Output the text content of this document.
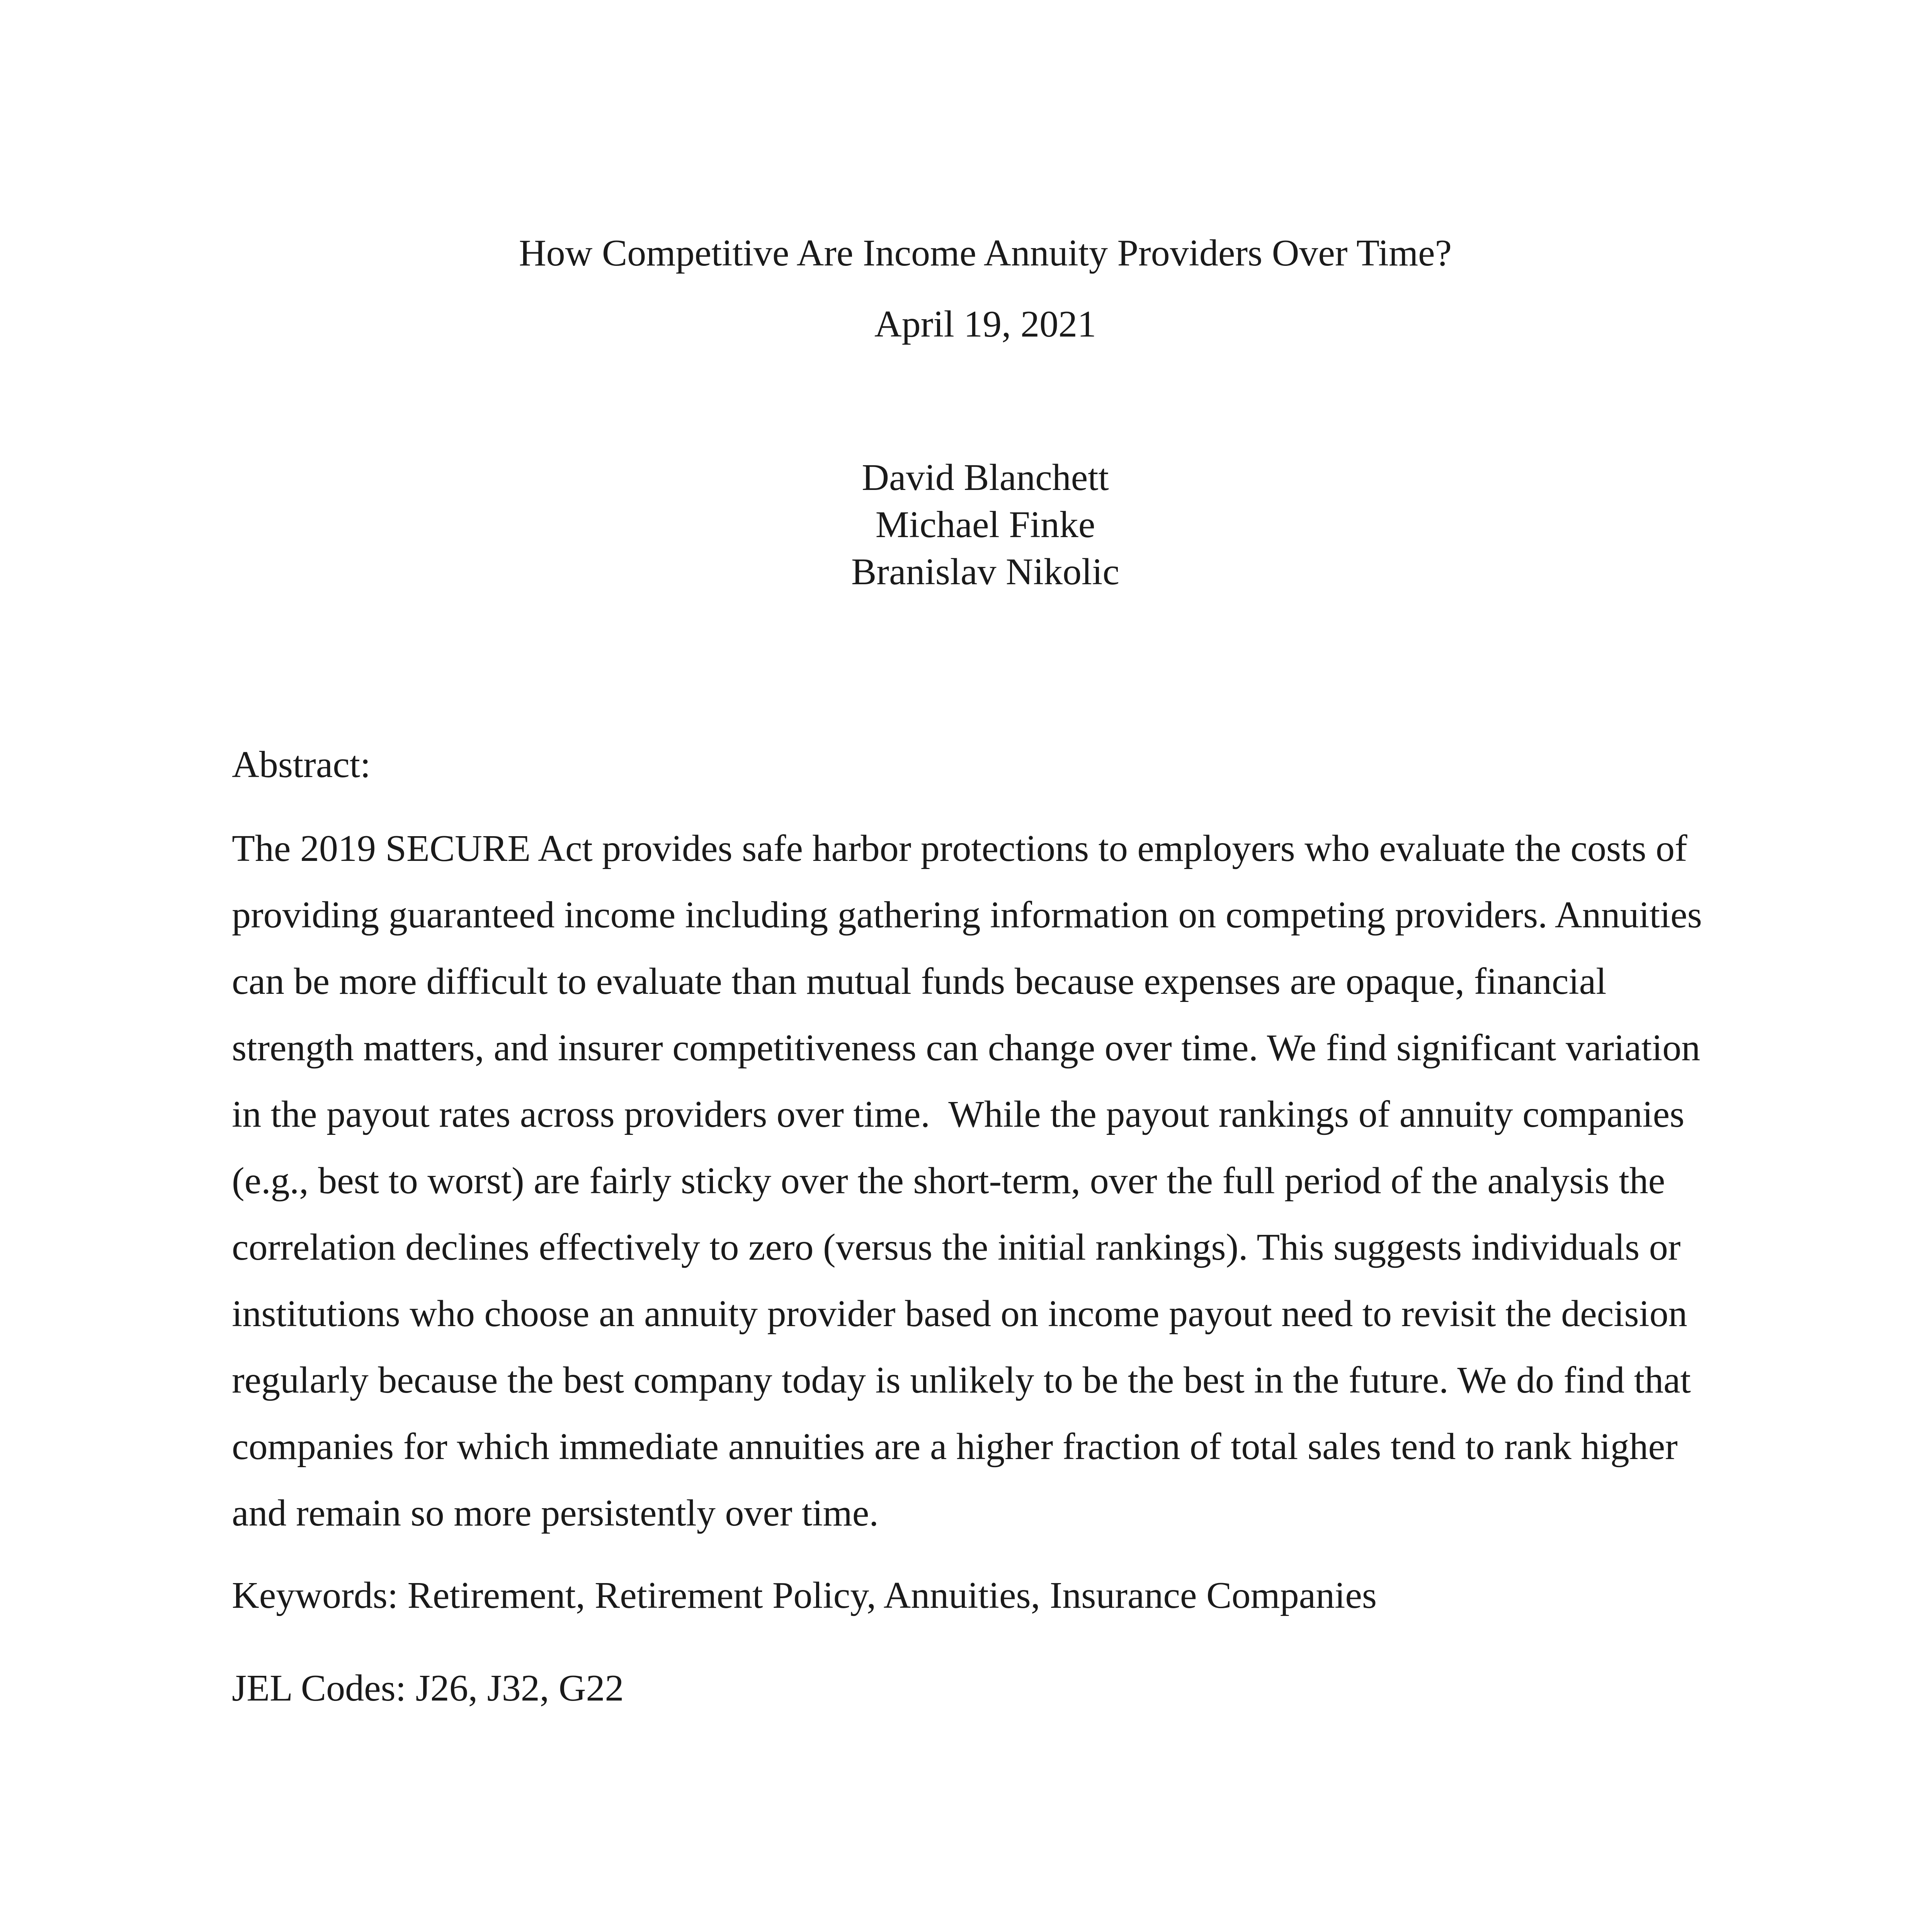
How Competitive Are Income Annuity Providers Over Time?
April 19, 2021
David Blanchett
Michael Finke
Branislav Nikolic
Abstract:
The 2019 SECURE Act provides safe harbor protections to employers who evaluate the costs of
providing guaranteed income including gathering information on competing providers. Annuities
can be more difficult to evaluate than mutual funds because expenses are opaque, financial
strength matters, and insurer competitiveness can change over time. We find significant variation
in the payout rates across providers over time.  While the payout rankings of annuity companies
(e.g., best to worst) are fairly sticky over the short-term, over the full period of the analysis the
correlation declines effectively to zero (versus the initial rankings). This suggests individuals or
institutions who choose an annuity provider based on income payout need to revisit the decision
regularly because the best company today is unlikely to be the best in the future. We do find that
companies for which immediate annuities are a higher fraction of total sales tend to rank higher
and remain so more persistently over time.
Keywords: Retirement, Retirement Policy, Annuities, Insurance Companies
JEL Codes: J26, J32, G22
